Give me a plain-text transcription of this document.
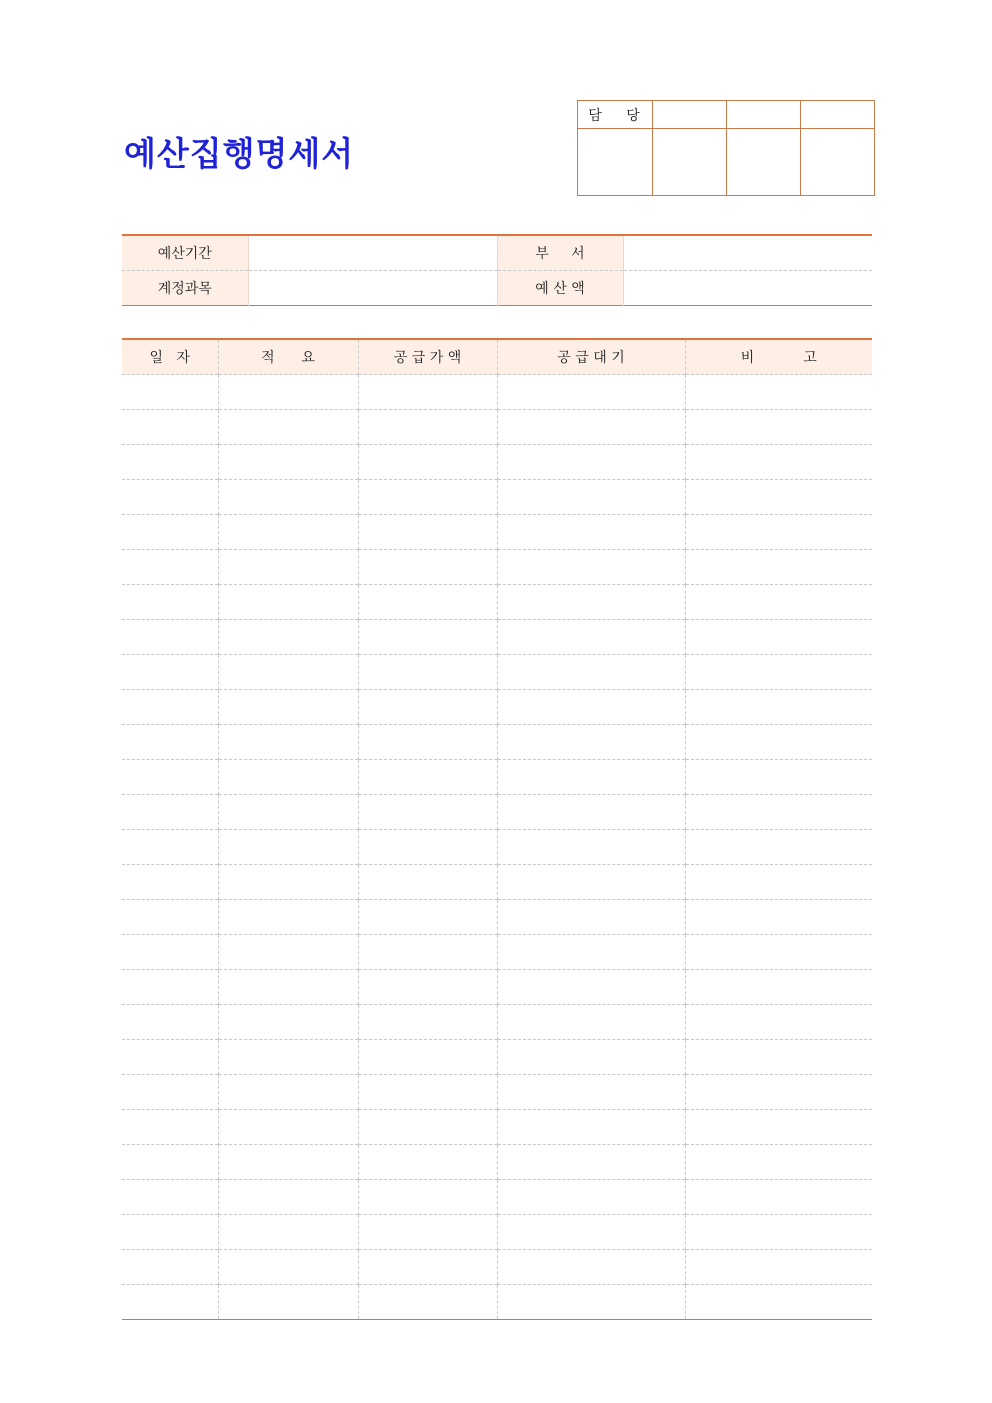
예산집행명세서
담 당			

예산기간		부     서	
계정과목		예 산 액	
일   자	적      요	공 급 가 액	공 급 대 기	비           고
